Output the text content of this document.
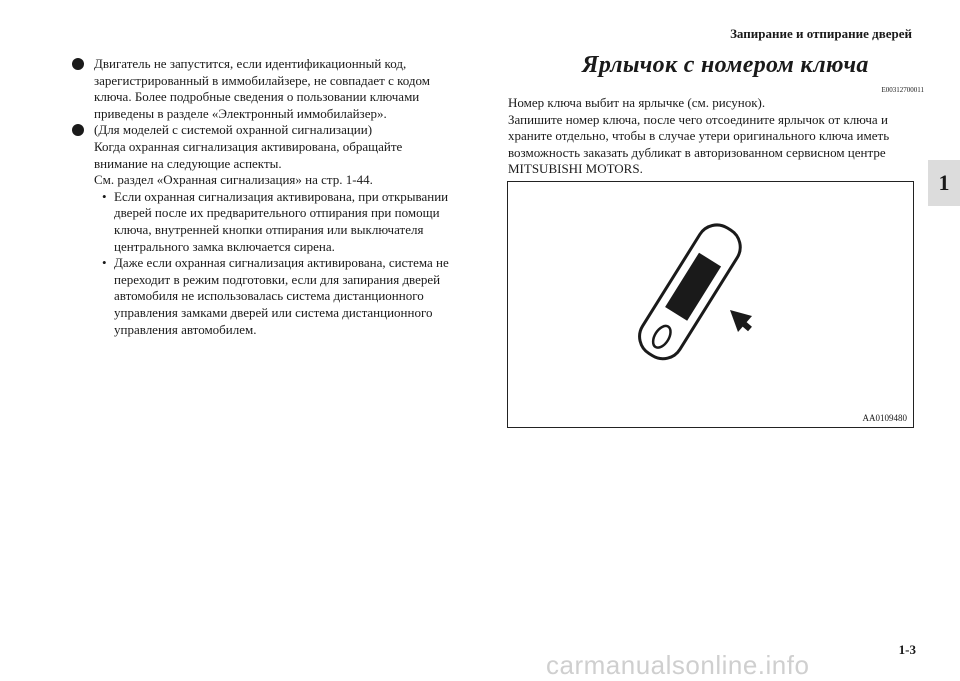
Запирание и отпирание дверей
1
Двигатель не запустится, если идентификационный код,
зарегистрированный в иммобилайзере, не совпадает с кодом
ключа. Более подробные сведения о пользовании ключами
приведены в разделе «Электронный иммобилайзер».
(Для моделей с системой охранной сигнализации)
Когда охранная сигнализация активирована, обращайте
внимание на следующие аспекты.
См. раздел «Охранная сигнализация» на стр. 1-44.
• Если охранная сигнализация активирована, при открывании
дверей после их предварительного отпирания при помощи
ключа, внутренней кнопки отпирания или выключателя
центрального замка включается сирена.
• Даже если охранная сигнализация активирована, система не
переходит в режим подготовки, если для запирания дверей
автомобиля не использовалась система дистанционного
управления замками дверей или система дистанционного
управления автомобилем.
Ярлычок с номером ключа
E00312700011
Номер ключа выбит на ярлычке (см. рисунок).
Запишите номер ключа, после чего отсоедините ярлычок от ключа и
храните отдельно, чтобы в случае утери оригинального ключа иметь
возможность заказать дубликат в авторизованном сервисном центре
MITSUBISHI MOTORS.
AA0109480
1-3
carmanualsonline.info
